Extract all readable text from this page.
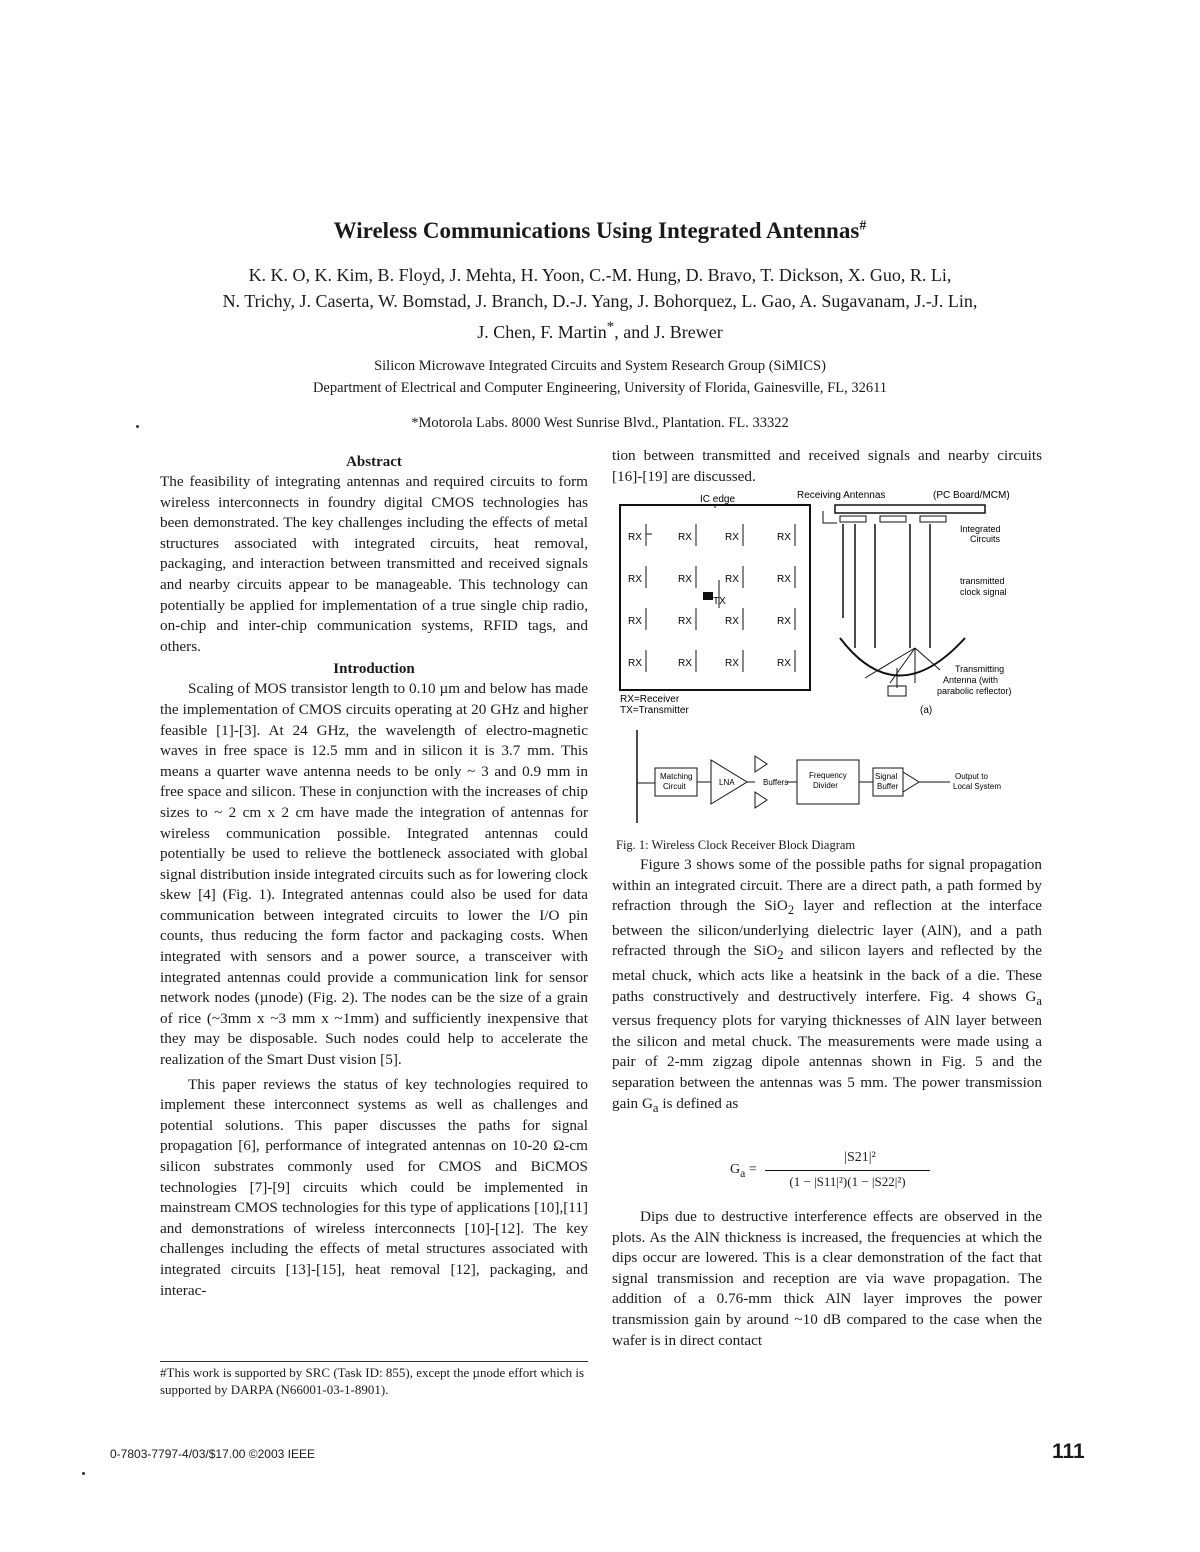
Wireless Communications Using Integrated Antennas#
K. K. O, K. Kim, B. Floyd, J. Mehta, H. Yoon, C.-M. Hung, D. Bravo, T. Dickson, X. Guo, R. Li,
N. Trichy, J. Caserta, W. Bomstad, J. Branch, D.-J. Yang, J. Bohorquez, L. Gao, A. Sugavanam, J.-J. Lin,
J. Chen, F. Martin*, and J. Brewer
Silicon Microwave Integrated Circuits and System Research Group (SiMICS)
Department of Electrical and Computer Engineering, University of Florida, Gainesville, FL, 32611
*Motorola Labs. 8000 West Sunrise Blvd., Plantation. FL. 33322
Abstract

The feasibility of integrating antennas and required circuits to form wireless interconnects in foundry digital CMOS technologies has been demonstrated. The key challenges including the effects of metal structures associated with integrated circuits, heat removal, packaging, and interaction between transmitted and received signals and nearby circuits appear to be manageable. This technology can potentially be applied for implementation of a true single chip radio, on-chip and inter-chip communication systems, RFID tags, and others.

Introduction

Scaling of MOS transistor length to 0.10 µm and below has made the implementation of CMOS circuits operating at 20 GHz and higher feasible [1]-[3]. At 24 GHz, the wavelength of electro-magnetic waves in free space is 12.5 mm and in silicon it is 3.7 mm. This means a quarter wave antenna needs to be only ~ 3 and 0.9 mm in free space and silicon. These in conjunction with the increases of chip sizes to ~ 2 cm x 2 cm have made the integration of antennas for wireless communication possible. Integrated antennas could potentially be used to relieve the bottleneck associated with global signal distribution inside integrated circuits such as for lowering clock skew [4] (Fig. 1). Integrated antennas could also be used for data communication between integrated circuits to lower the I/O pin counts, thus reducing the form factor and packaging costs. When integrated with sensors and a power source, a transceiver with integrated antennas could provide a communication link for sensor network nodes (µnode) (Fig. 2). The nodes can be the size of a grain of rice (~3mm x ~3 mm x ~1mm) and sufficiently inexpensive that they may be disposable. Such nodes could help to accelerate the realization of the Smart Dust vision [5].

This paper reviews the status of key technologies required to implement these interconnect systems as well as challenges and potential solutions. This paper discusses the paths for signal propagation [6], performance of integrated antennas on 10-20 Ω-cm silicon substrates commonly used for CMOS and BiCMOS technologies [7]-[9] circuits which could be implemented in mainstream CMOS technologies for this type of applications [10],[11] and demonstrations of wireless interconnects [10]-[12]. The key challenges including the effects of metal structures associated with integrated circuits [13]-[15], heat removal [12], packaging, and interac-

#This work is supported by SRC (Task ID: 855), except the µnode effort which is supported by DARPA (N66001-03-1-8901).

tion between transmitted and received signals and nearby circuits [16]-[19] are discussed.

IC edge
RX	RX	RX	RX
RX	RX	RX	RX
RX	RX	RX	RX
RX	RX	RX	RX
TX
Receiving Antennas	(PC Board/MCM)
Integrated
Circuits
transmitted
clock signal
Transmitting
Antenna (with
parabolic reflector)
(a)
RX=Receiver
TX=Transmitter
Matching
Circuit	LNA	Buffers
Frequency
Divider
Signal
Buffer
Output to
Local System
Fig. 1: Wireless Clock Receiver Block Diagram

Figure 3 shows some of the possible paths for signal propagation within an integrated circuit. There are a direct path, a path formed by refraction through the SiO$_2$ layer and reflection at the interface between the silicon/underlying dielectric layer (AlN), and a path refracted through the SiO$_2$ and silicon layers and reflected by the metal chuck, which acts like a heatsink in the back of a die. These paths constructively and destructively interfere. Fig. 4 shows $G_a$ versus frequency plots for varying thicknesses of AlN layer between the silicon and metal chuck. The measurements were made using a pair of 2-mm zigzag dipole antennas shown in Fig. 5 and the separation between the antennas was 5 mm. The power transmission gain $G_a$ is defined as

$G_a$ =
|S21|²
(1 − |S11|²)(1 − |S22|²)

Dips due to destructive interference effects are observed in the plots. As the AlN thickness is increased, the frequencies at which the dips occur are lowered. This is a clear demonstration of the fact that signal transmission and reception are via wave propagation. The addition of a 0.76-mm thick AlN layer improves the power transmission gain by around ~10 dB compared to the case when the wafer is in direct contact

0-7803-7797-4/03/$17.00 ©2003 IEEE	111
